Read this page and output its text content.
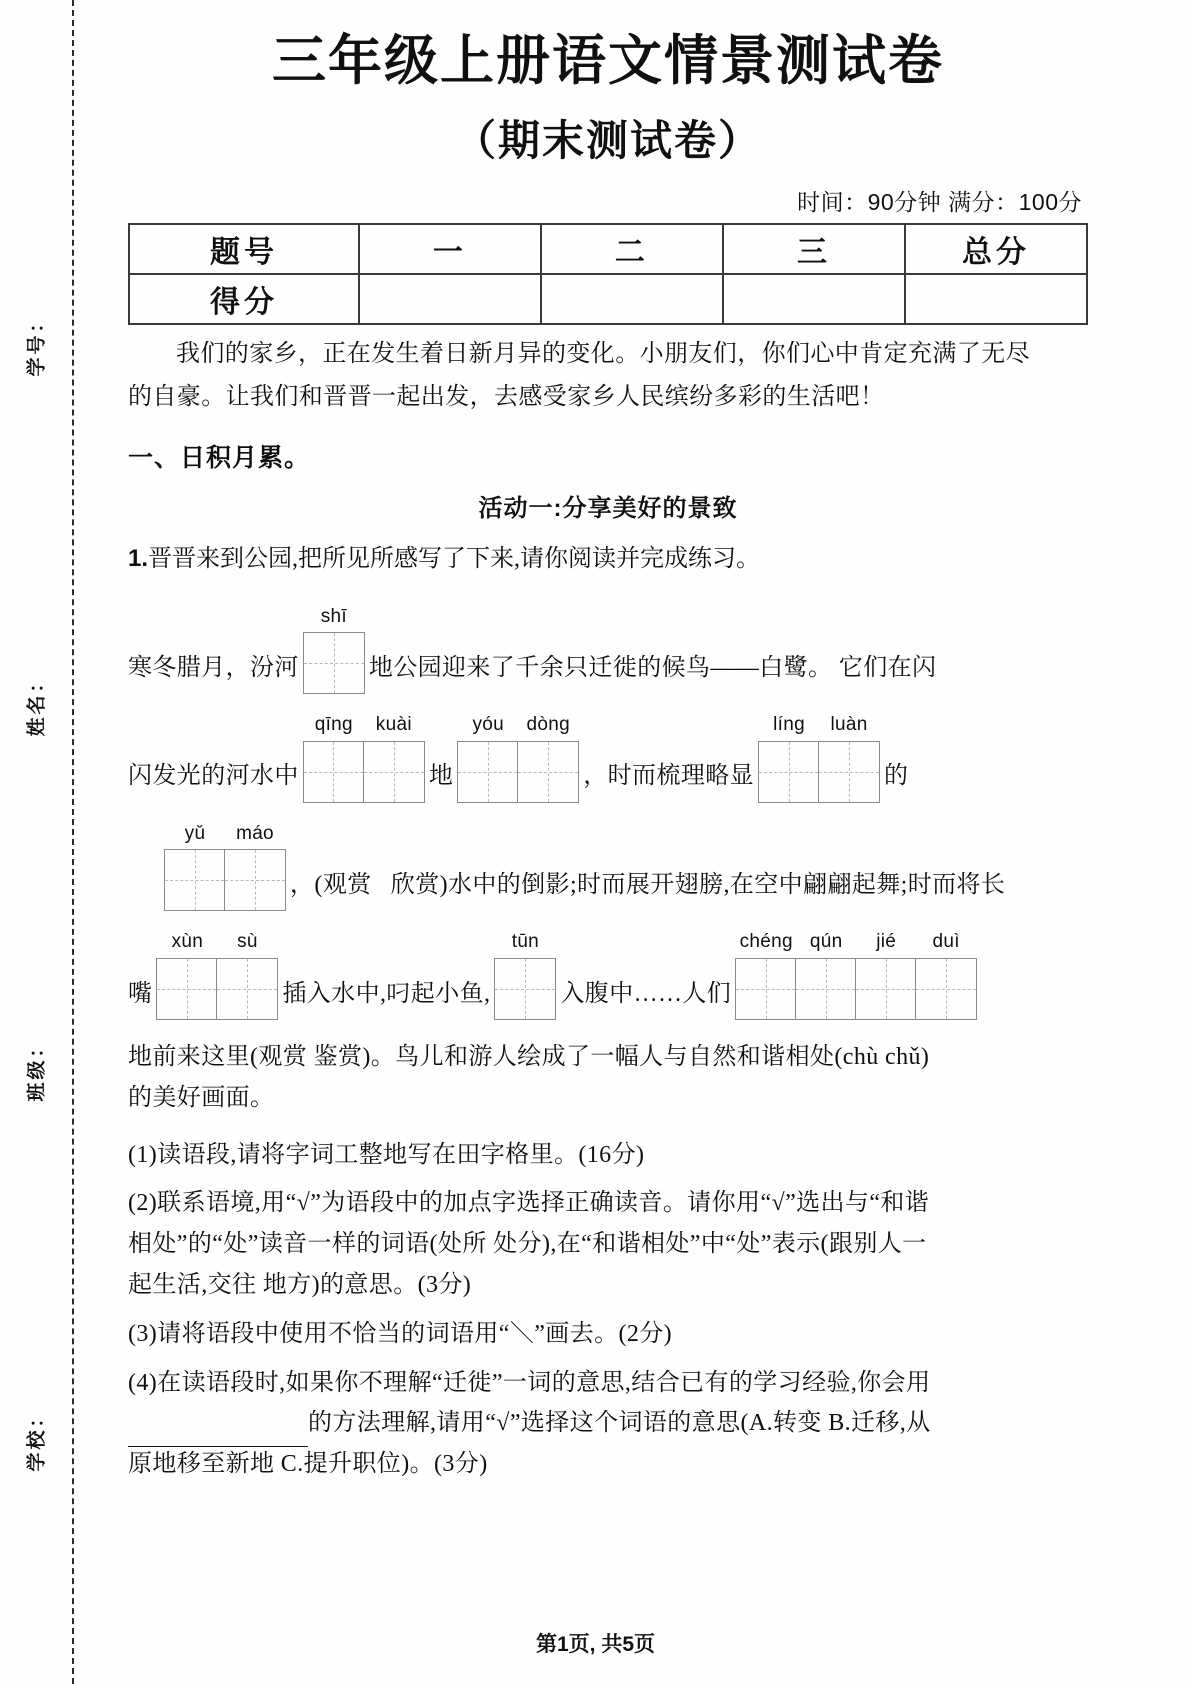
学号：
姓名：
班级：
学校：
三年级上册语文情景测试卷
（期末测试卷）
时间：90分钟 满分：100分
题号	一	二	三	总分
得分				

我们的家乡，正在发生着日新月异的变化。小朋友们，你们心中肯定充满了无尽

的自豪。让我们和晋晋一起出发，去感受家乡人民缤纷多彩的生活吧！

一、日积月累。
活动一:分享美好的景致
1.晋晋来到公园,把所见所感写了下来,请你阅读并完成练习。
寒冬腊月，汾河
shī
地公园迎来了千余只迁徙的候鸟——白鹭。 它们在闪
闪发光的河水中
qīng	kuài
地
yóu	dòng
，时而梳理略显
líng	luàn
的
yǔ	máo
，(观赏   欣赏)水中的倒影;时而展开翅膀,在空中翩翩起舞;时而将长
嘴
xùn	sù
插入水中,叼起小鱼,
tūn
入腹中……人们
chéng qún	jié	duì

地前来这里(观赏 鉴赏)。鸟儿和游人绘成了一幅人与自然和谐相处(chù chǔ)

的美好画面。

(1)读语段,请将字词工整地写在田字格里。(16分)

(2)联系语境,用“√”为语段中的加点字选择正确读音。请你用“√”选出与“和谐

相处”的“处”读音一样的词语(处所 处分),在“和谐相处”中“处”表示(跟别人一

起生活,交往 地方)的意思。(3分)

(3)请将语段中使用不恰当的词语用“＼”画去。(2分)

(4)在读语段时,如果你不理解“迁徙”一词的意思,结合已有的学习经验,你会用

的方法理解,请用“√”选择这个词语的意思(A.转变 B.迁移,从

原地移至新地 C.提升职位)。(3分)

第1页, 共5页
